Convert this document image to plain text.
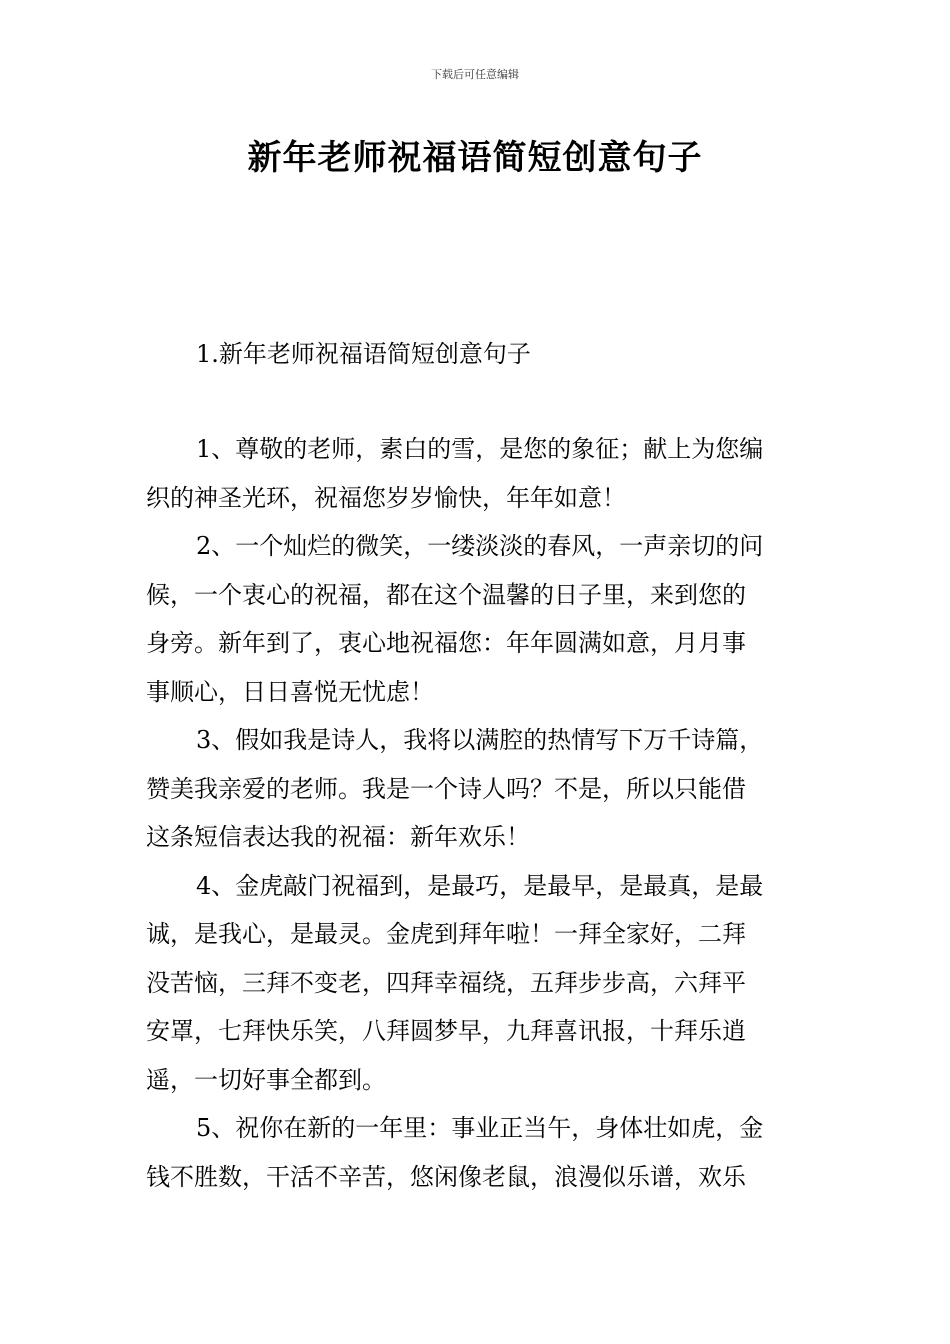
下载后可任意编辑
新年老师祝福语简短创意句子
1.新年老师祝福语简短创意句子
1、尊敬的老师，素白的雪，是您的象征；献上为您编
织的神圣光环，祝福您岁岁愉快，年年如意！
2、一个灿烂的微笑，一缕淡淡的春风，一声亲切的问
候，一个衷心的祝福，都在这个温馨的日子里，来到您的
身旁。新年到了，衷心地祝福您：年年圆满如意，月月事
事顺心，日日喜悦无忧虑！
3、假如我是诗人，我将以满腔的热情写下万千诗篇，
赞美我亲爱的老师。我是一个诗人吗？不是，所以只能借
这条短信表达我的祝福：新年欢乐！
4、金虎敲门祝福到，是最巧，是最早，是最真，是最
诚，是我心，是最灵。金虎到拜年啦！一拜全家好，二拜
没苦恼，三拜不变老，四拜幸福绕，五拜步步高，六拜平
安罩，七拜快乐笑，八拜圆梦早，九拜喜讯报，十拜乐逍
遥，一切好事全都到。
5、祝你在新的一年里：事业正当午，身体壮如虎，金
钱不胜数，干活不辛苦，悠闲像老鼠，浪漫似乐谱，欢乐
